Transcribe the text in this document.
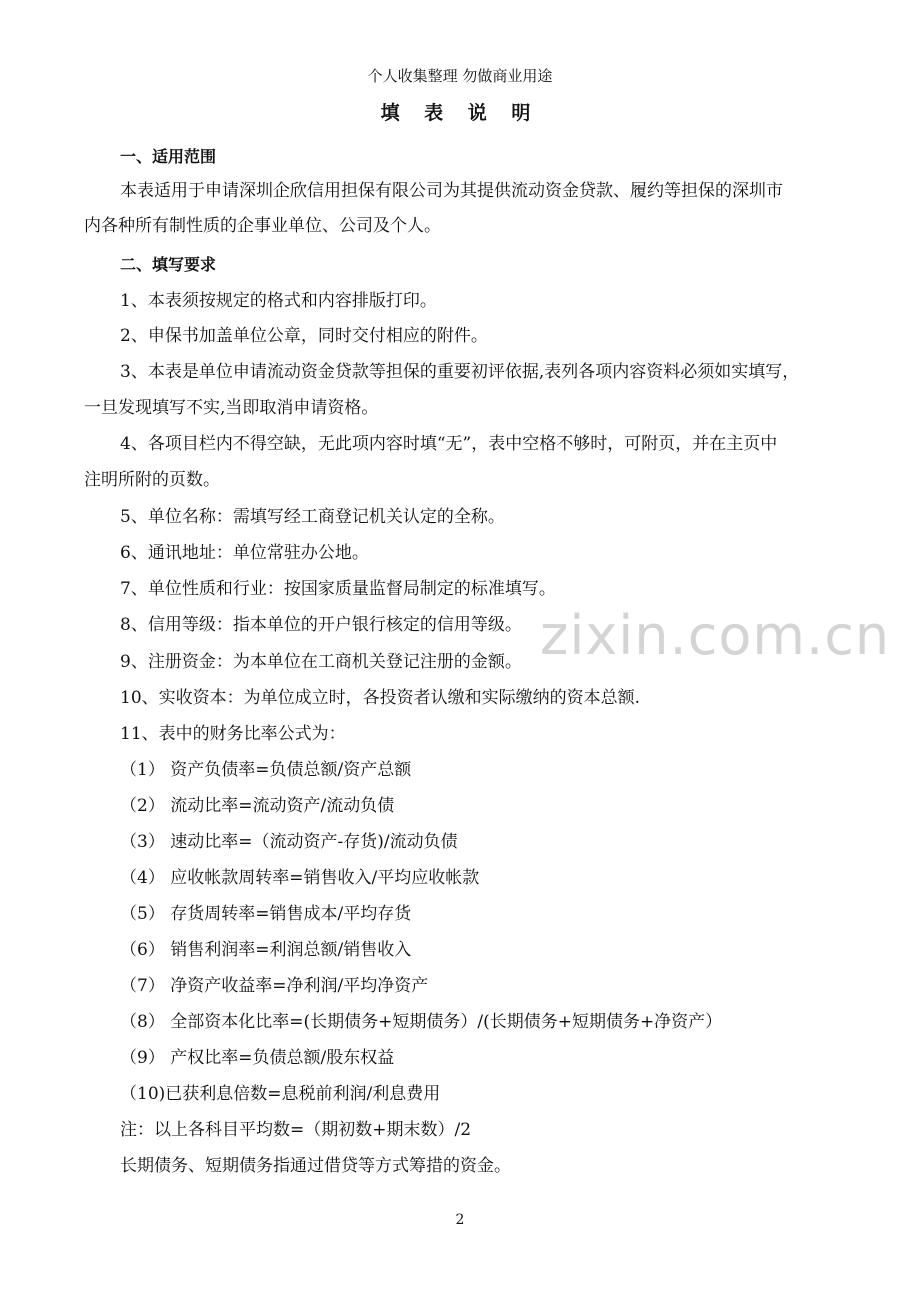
个人收集整理 勿做商业用途
填 表 说 明
一、适用范围
本表适用于申请深圳企欣信用担保有限公司为其提供流动资金贷款、履约等担保的深圳市
内各种所有制性质的企事业单位、公司及个人。
二、填写要求
1、本表须按规定的格式和内容排版打印。
2、申保书加盖单位公章，同时交付相应的附件。
3、本表是单位申请流动资金贷款等担保的重要初评依据,表列各项内容资料必须如实填写，
一旦发现填写不实,当即取消申请资格。
4、各项目栏内不得空缺，无此项内容时填“无”，表中空格不够时，可附页，并在主页中
注明所附的页数。
5、单位名称：需填写经工商登记机关认定的全称。
6、通讯地址：单位常驻办公地。
7、单位性质和行业：按国家质量监督局制定的标准填写。
8、信用等级：指本单位的开户银行核定的信用等级。
9、注册资金：为本单位在工商机关登记注册的金额。
10、实收资本：为单位成立时，各投资者认缴和实际缴纳的资本总额.
11、表中的财务比率公式为：
（1） 资产负债率=负债总额/资产总额
（2） 流动比率=流动资产/流动负债
（3） 速动比率=（流动资产-存货)/流动负债
（4） 应收帐款周转率=销售收入/平均应收帐款
（5） 存货周转率=销售成本/平均存货
（6） 销售利润率=利润总额/销售收入
（7） 净资产收益率=净利润/平均净资产
（8） 全部资本化比率=(长期债务+短期债务）/(长期债务+短期债务+净资产）
（9） 产权比率=负债总额/股东权益
（10)已获利息倍数=息税前利润/利息费用
注：以上各科目平均数=（期初数+期末数）/2
长期债务、短期债务指通过借贷等方式筹措的资金。
zixin.com.cn
2
